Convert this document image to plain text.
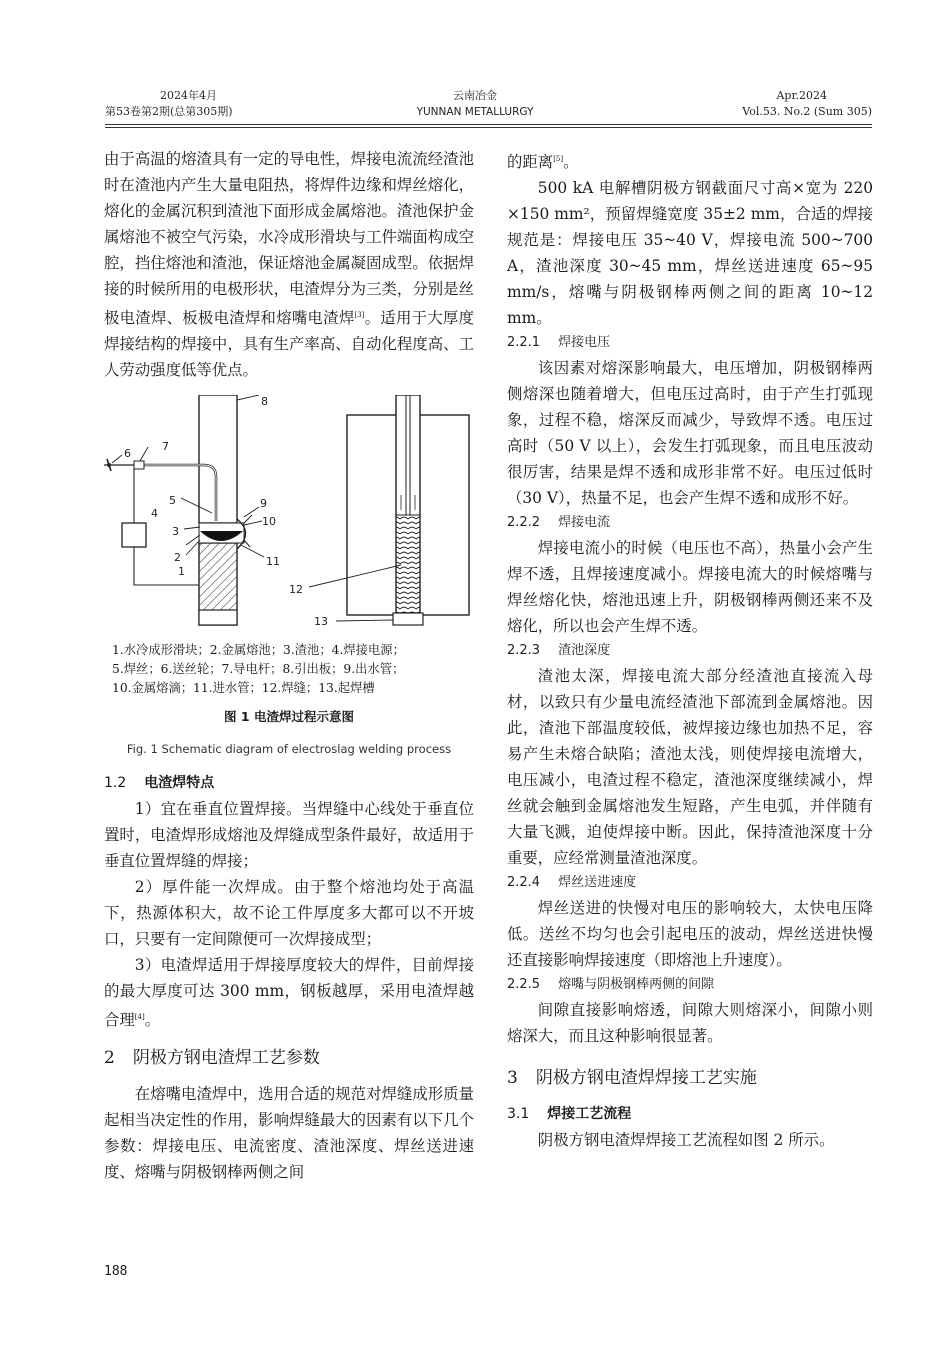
2024年4月
第53卷第2期(总第305期)
云南冶金
YUNNAN METALLURGY
Apr.2024
Vol.53. No.2 (Sum 305)

由于高温的熔渣具有一定的导电性，焊接电流流经渣池时在渣池内产生大量电阻热，将焊件边缘和焊丝熔化，熔化的金属沉积到渣池下面形成金属熔池。渣池保护金属熔池不被空气污染，水冷成形滑块与工件端面构成空腔，挡住熔池和渣池，保证熔池金属凝固成型。依据焊接的时候所用的电极形状，电渣焊分为三类，分别是丝极电渣焊、板极电渣焊和熔嘴电渣焊[3]。适用于大厚度焊接结构的焊接中，具有生产率高、自动化程度高、工人劳动强度低等优点。

1
2
3
4
5
6
7
8
9
10
11
12
13
1.水冷成形滑块；2.金属熔池；3.渣池；4.焊接电源；
5.焊丝；6.送丝轮；7.导电杆；8.引出板；9.出水管；
10.金属熔滴；11.进水管；12.焊缝；13.起焊槽
图 1 电渣焊过程示意图
Fig. 1 Schematic diagram of electroslag welding process
1.2 电渣焊特点

1）宜在垂直位置焊接。当焊缝中心线处于垂直位置时，电渣焊形成熔池及焊缝成型条件最好，故适用于垂直位置焊缝的焊接；

2）厚件能一次焊成。由于整个熔池均处于高温下，热源体积大，故不论工件厚度多大都可以不开坡口，只要有一定间隙便可一次焊接成型；

3）电渣焊适用于焊接厚度较大的焊件，目前焊接的最大厚度可达 300 mm，钢板越厚，采用电渣焊越合理[4]。

2 阴极方钢电渣焊工艺参数

在熔嘴电渣焊中，选用合适的规范对焊缝成形质量起相当决定性的作用，影响焊缝最大的因素有以下几个参数：焊接电压、电流密度、渣池深度、焊丝送进速度、熔嘴与阴极钢棒两侧之间

的距离[5]。

500 kA 电解槽阴极方钢截面尺寸高×宽为 220 ×150 mm²，预留焊缝宽度 35±2 mm，合适的焊接规范是：焊接电压 35~40 V，焊接电流 500~700 A，渣池深度 30~45 mm，焊丝送进速度 65~95 mm/s，熔嘴与阴极钢棒两侧之间的距离 10~12 mm。

2.2.1 焊接电压

该因素对熔深影响最大，电压增加，阴极钢棒两侧熔深也随着增大，但电压过高时，由于产生打弧现象，过程不稳，熔深反而减少，导致焊不透。电压过高时（50 V 以上），会发生打弧现象，而且电压波动很厉害，结果是焊不透和成形非常不好。电压过低时（30 V），热量不足，也会产生焊不透和成形不好。

2.2.2 焊接电流

焊接电流小的时候（电压也不高），热量小会产生焊不透，且焊接速度减小。焊接电流大的时候熔嘴与焊丝熔化快，熔池迅速上升，阴极钢棒两侧还来不及熔化，所以也会产生焊不透。

2.2.3 渣池深度

渣池太深，焊接电流大部分经渣池直接流入母材，以致只有少量电流经渣池下部流到金属熔池。因此，渣池下部温度较低，被焊接边缘也加热不足，容易产生未熔合缺陷；渣池太浅，则使焊接电流增大，电压减小，电渣过程不稳定，渣池深度继续减小，焊丝就会触到金属熔池发生短路，产生电弧，并伴随有大量飞溅，迫使焊接中断。因此，保持渣池深度十分重要，应经常测量渣池深度。

2.2.4 焊丝送进速度

焊丝送进的快慢对电压的影响较大，太快电压降低。送丝不均匀也会引起电压的波动，焊丝送进快慢还直接影响焊接速度（即熔池上升速度）。

2.2.5 熔嘴与阴极钢棒两侧的间隙

间隙直接影响熔透，间隙大则熔深小，间隙小则熔深大，而且这种影响很显著。

3 阴极方钢电渣焊焊接工艺实施
3.1 焊接工艺流程

阴极方钢电渣焊焊接工艺流程如图 2 所示。

188
